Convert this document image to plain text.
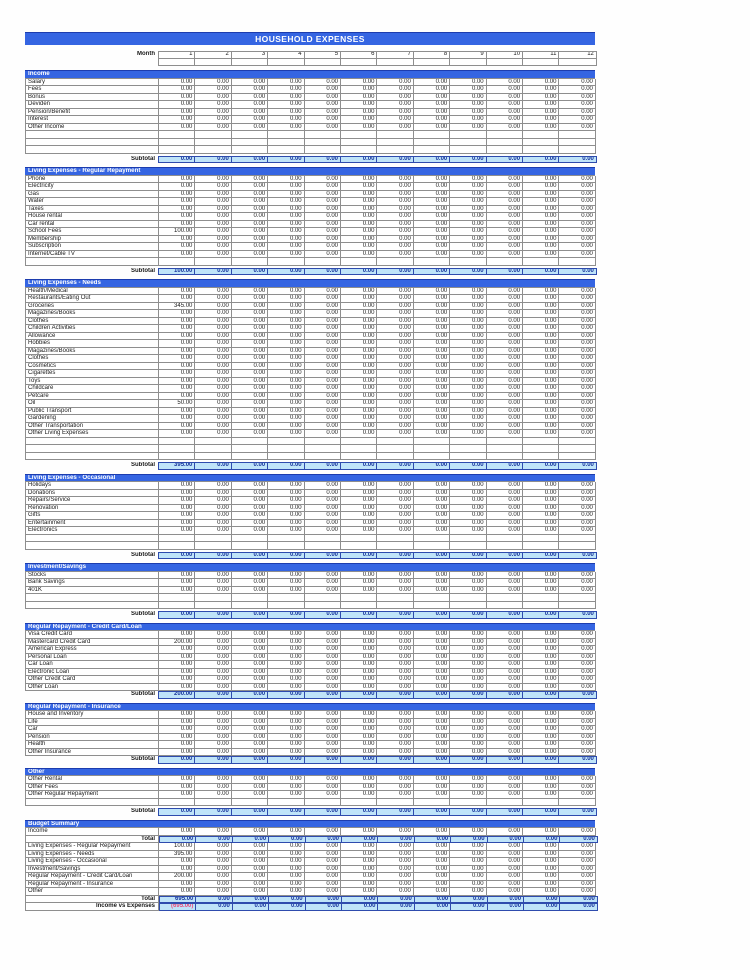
HOUSEHOLD EXPENSES
Month	1	2	3	4	5	6	7	8	9	10	11	12
Income
Salary	0.00	0.00	0.00	0.00	0.00	0.00	0.00	0.00	0.00	0.00	0.00	0.00
Fees	0.00	0.00	0.00	0.00	0.00	0.00	0.00	0.00	0.00	0.00	0.00	0.00
Bonus	0.00	0.00	0.00	0.00	0.00	0.00	0.00	0.00	0.00	0.00	0.00	0.00
Deviden	0.00	0.00	0.00	0.00	0.00	0.00	0.00	0.00	0.00	0.00	0.00	0.00
Pension/Benefit	0.00	0.00	0.00	0.00	0.00	0.00	0.00	0.00	0.00	0.00	0.00	0.00
Interest	0.00	0.00	0.00	0.00	0.00	0.00	0.00	0.00	0.00	0.00	0.00	0.00
Other Income	0.00	0.00	0.00	0.00	0.00	0.00	0.00	0.00	0.00	0.00	0.00	0.00
Subtotal	0.00	0.00	0.00	0.00	0.00	0.00	0.00	0.00	0.00	0.00	0.00	0.00
Living Expenses - Regular Repayment
Phone	0.00	0.00	0.00	0.00	0.00	0.00	0.00	0.00	0.00	0.00	0.00	0.00
Electricity	0.00	0.00	0.00	0.00	0.00	0.00	0.00	0.00	0.00	0.00	0.00	0.00
Gas	0.00	0.00	0.00	0.00	0.00	0.00	0.00	0.00	0.00	0.00	0.00	0.00
Water	0.00	0.00	0.00	0.00	0.00	0.00	0.00	0.00	0.00	0.00	0.00	0.00
Taxes	0.00	0.00	0.00	0.00	0.00	0.00	0.00	0.00	0.00	0.00	0.00	0.00
House rental	0.00	0.00	0.00	0.00	0.00	0.00	0.00	0.00	0.00	0.00	0.00	0.00
Car rental	0.00	0.00	0.00	0.00	0.00	0.00	0.00	0.00	0.00	0.00	0.00	0.00
School Fees	100.00	0.00	0.00	0.00	0.00	0.00	0.00	0.00	0.00	0.00	0.00	0.00
Membership	0.00	0.00	0.00	0.00	0.00	0.00	0.00	0.00	0.00	0.00	0.00	0.00
Subscription	0.00	0.00	0.00	0.00	0.00	0.00	0.00	0.00	0.00	0.00	0.00	0.00
Internet/Cable TV	0.00	0.00	0.00	0.00	0.00	0.00	0.00	0.00	0.00	0.00	0.00	0.00
Subtotal	100.00	0.00	0.00	0.00	0.00	0.00	0.00	0.00	0.00	0.00	0.00	0.00
Living Expenses - Needs
Health/Medical	0.00	0.00	0.00	0.00	0.00	0.00	0.00	0.00	0.00	0.00	0.00	0.00
Restaurants/Eating Out	0.00	0.00	0.00	0.00	0.00	0.00	0.00	0.00	0.00	0.00	0.00	0.00
Groceries	345.00	0.00	0.00	0.00	0.00	0.00	0.00	0.00	0.00	0.00	0.00	0.00
Magazines/Books	0.00	0.00	0.00	0.00	0.00	0.00	0.00	0.00	0.00	0.00	0.00	0.00
Clothes	0.00	0.00	0.00	0.00	0.00	0.00	0.00	0.00	0.00	0.00	0.00	0.00
Children Activities	0.00	0.00	0.00	0.00	0.00	0.00	0.00	0.00	0.00	0.00	0.00	0.00
Allowance	0.00	0.00	0.00	0.00	0.00	0.00	0.00	0.00	0.00	0.00	0.00	0.00
Hobbies	0.00	0.00	0.00	0.00	0.00	0.00	0.00	0.00	0.00	0.00	0.00	0.00
Magazines/Books	0.00	0.00	0.00	0.00	0.00	0.00	0.00	0.00	0.00	0.00	0.00	0.00
Clothes	0.00	0.00	0.00	0.00	0.00	0.00	0.00	0.00	0.00	0.00	0.00	0.00
Cosmetics	0.00	0.00	0.00	0.00	0.00	0.00	0.00	0.00	0.00	0.00	0.00	0.00
Cigarettes	0.00	0.00	0.00	0.00	0.00	0.00	0.00	0.00	0.00	0.00	0.00	0.00
Toys	0.00	0.00	0.00	0.00	0.00	0.00	0.00	0.00	0.00	0.00	0.00	0.00
Childcare	0.00	0.00	0.00	0.00	0.00	0.00	0.00	0.00	0.00	0.00	0.00	0.00
Petcare	0.00	0.00	0.00	0.00	0.00	0.00	0.00	0.00	0.00	0.00	0.00	0.00
Oil	50.00	0.00	0.00	0.00	0.00	0.00	0.00	0.00	0.00	0.00	0.00	0.00
Public Transport	0.00	0.00	0.00	0.00	0.00	0.00	0.00	0.00	0.00	0.00	0.00	0.00
Gardening	0.00	0.00	0.00	0.00	0.00	0.00	0.00	0.00	0.00	0.00	0.00	0.00
Other Transportation	0.00	0.00	0.00	0.00	0.00	0.00	0.00	0.00	0.00	0.00	0.00	0.00
Other Living Expenses	0.00	0.00	0.00	0.00	0.00	0.00	0.00	0.00	0.00	0.00	0.00	0.00
Subtotal	395.00	0.00	0.00	0.00	0.00	0.00	0.00	0.00	0.00	0.00	0.00	0.00
Living Expenses - Occasional
Holidays	0.00	0.00	0.00	0.00	0.00	0.00	0.00	0.00	0.00	0.00	0.00	0.00
Donations	0.00	0.00	0.00	0.00	0.00	0.00	0.00	0.00	0.00	0.00	0.00	0.00
Repairs/Service	0.00	0.00	0.00	0.00	0.00	0.00	0.00	0.00	0.00	0.00	0.00	0.00
Renovation	0.00	0.00	0.00	0.00	0.00	0.00	0.00	0.00	0.00	0.00	0.00	0.00
Gifts	0.00	0.00	0.00	0.00	0.00	0.00	0.00	0.00	0.00	0.00	0.00	0.00
Entertainment	0.00	0.00	0.00	0.00	0.00	0.00	0.00	0.00	0.00	0.00	0.00	0.00
Electronics	0.00	0.00	0.00	0.00	0.00	0.00	0.00	0.00	0.00	0.00	0.00	0.00
Subtotal	0.00	0.00	0.00	0.00	0.00	0.00	0.00	0.00	0.00	0.00	0.00	0.00
Investment/Savings
Stocks	0.00	0.00	0.00	0.00	0.00	0.00	0.00	0.00	0.00	0.00	0.00	0.00
Bank Savings	0.00	0.00	0.00	0.00	0.00	0.00	0.00	0.00	0.00	0.00	0.00	0.00
401K	0.00	0.00	0.00	0.00	0.00	0.00	0.00	0.00	0.00	0.00	0.00	0.00
Subtotal	0.00	0.00	0.00	0.00	0.00	0.00	0.00	0.00	0.00	0.00	0.00	0.00
Regular Repayment - Credit Card/Loan
Visa Credit Card	0.00	0.00	0.00	0.00	0.00	0.00	0.00	0.00	0.00	0.00	0.00	0.00
Mastercard Credit Card	200.00	0.00	0.00	0.00	0.00	0.00	0.00	0.00	0.00	0.00	0.00	0.00
American Express	0.00	0.00	0.00	0.00	0.00	0.00	0.00	0.00	0.00	0.00	0.00	0.00
Personal Loan	0.00	0.00	0.00	0.00	0.00	0.00	0.00	0.00	0.00	0.00	0.00	0.00
Car Loan	0.00	0.00	0.00	0.00	0.00	0.00	0.00	0.00	0.00	0.00	0.00	0.00
Electronic Loan	0.00	0.00	0.00	0.00	0.00	0.00	0.00	0.00	0.00	0.00	0.00	0.00
Other Credit Card	0.00	0.00	0.00	0.00	0.00	0.00	0.00	0.00	0.00	0.00	0.00	0.00
Other Loan	0.00	0.00	0.00	0.00	0.00	0.00	0.00	0.00	0.00	0.00	0.00	0.00
Subtotal	200.00	0.00	0.00	0.00	0.00	0.00	0.00	0.00	0.00	0.00	0.00	0.00
Regular Repayment - Insurance
House and Inventory	0.00	0.00	0.00	0.00	0.00	0.00	0.00	0.00	0.00	0.00	0.00	0.00
Life	0.00	0.00	0.00	0.00	0.00	0.00	0.00	0.00	0.00	0.00	0.00	0.00
Car	0.00	0.00	0.00	0.00	0.00	0.00	0.00	0.00	0.00	0.00	0.00	0.00
Pension	0.00	0.00	0.00	0.00	0.00	0.00	0.00	0.00	0.00	0.00	0.00	0.00
Health	0.00	0.00	0.00	0.00	0.00	0.00	0.00	0.00	0.00	0.00	0.00	0.00
Other Insurance	0.00	0.00	0.00	0.00	0.00	0.00	0.00	0.00	0.00	0.00	0.00	0.00
Subtotal	0.00	0.00	0.00	0.00	0.00	0.00	0.00	0.00	0.00	0.00	0.00	0.00
Other
Other Rental	0.00	0.00	0.00	0.00	0.00	0.00	0.00	0.00	0.00	0.00	0.00	0.00
Other Fees	0.00	0.00	0.00	0.00	0.00	0.00	0.00	0.00	0.00	0.00	0.00	0.00
Other Regular Repayment	0.00	0.00	0.00	0.00	0.00	0.00	0.00	0.00	0.00	0.00	0.00	0.00
Subtotal	0.00	0.00	0.00	0.00	0.00	0.00	0.00	0.00	0.00	0.00	0.00	0.00
Budget Summary
Income	0.00	0.00	0.00	0.00	0.00	0.00	0.00	0.00	0.00	0.00	0.00	0.00
Total	0.00	0.00	0.00	0.00	0.00	0.00	0.00	0.00	0.00	0.00	0.00	0.00
Living Expenses - Regular Repayment	100.00	0.00	0.00	0.00	0.00	0.00	0.00	0.00	0.00	0.00	0.00	0.00
Living Expenses - Needs	395.00	0.00	0.00	0.00	0.00	0.00	0.00	0.00	0.00	0.00	0.00	0.00
Living Expenses - Occasional	0.00	0.00	0.00	0.00	0.00	0.00	0.00	0.00	0.00	0.00	0.00	0.00
Investment/Savings	0.00	0.00	0.00	0.00	0.00	0.00	0.00	0.00	0.00	0.00	0.00	0.00
Regular Repayment - Credit Card/Loan	200.00	0.00	0.00	0.00	0.00	0.00	0.00	0.00	0.00	0.00	0.00	0.00
Regular Repayment - Insurance	0.00	0.00	0.00	0.00	0.00	0.00	0.00	0.00	0.00	0.00	0.00	0.00
Other	0.00	0.00	0.00	0.00	0.00	0.00	0.00	0.00	0.00	0.00	0.00	0.00
Total	695.00	0.00	0.00	0.00	0.00	0.00	0.00	0.00	0.00	0.00	0.00	0.00
Income vs Expenses	(695.00)	0.00	0.00	0.00	0.00	0.00	0.00	0.00	0.00	0.00	0.00	0.00
